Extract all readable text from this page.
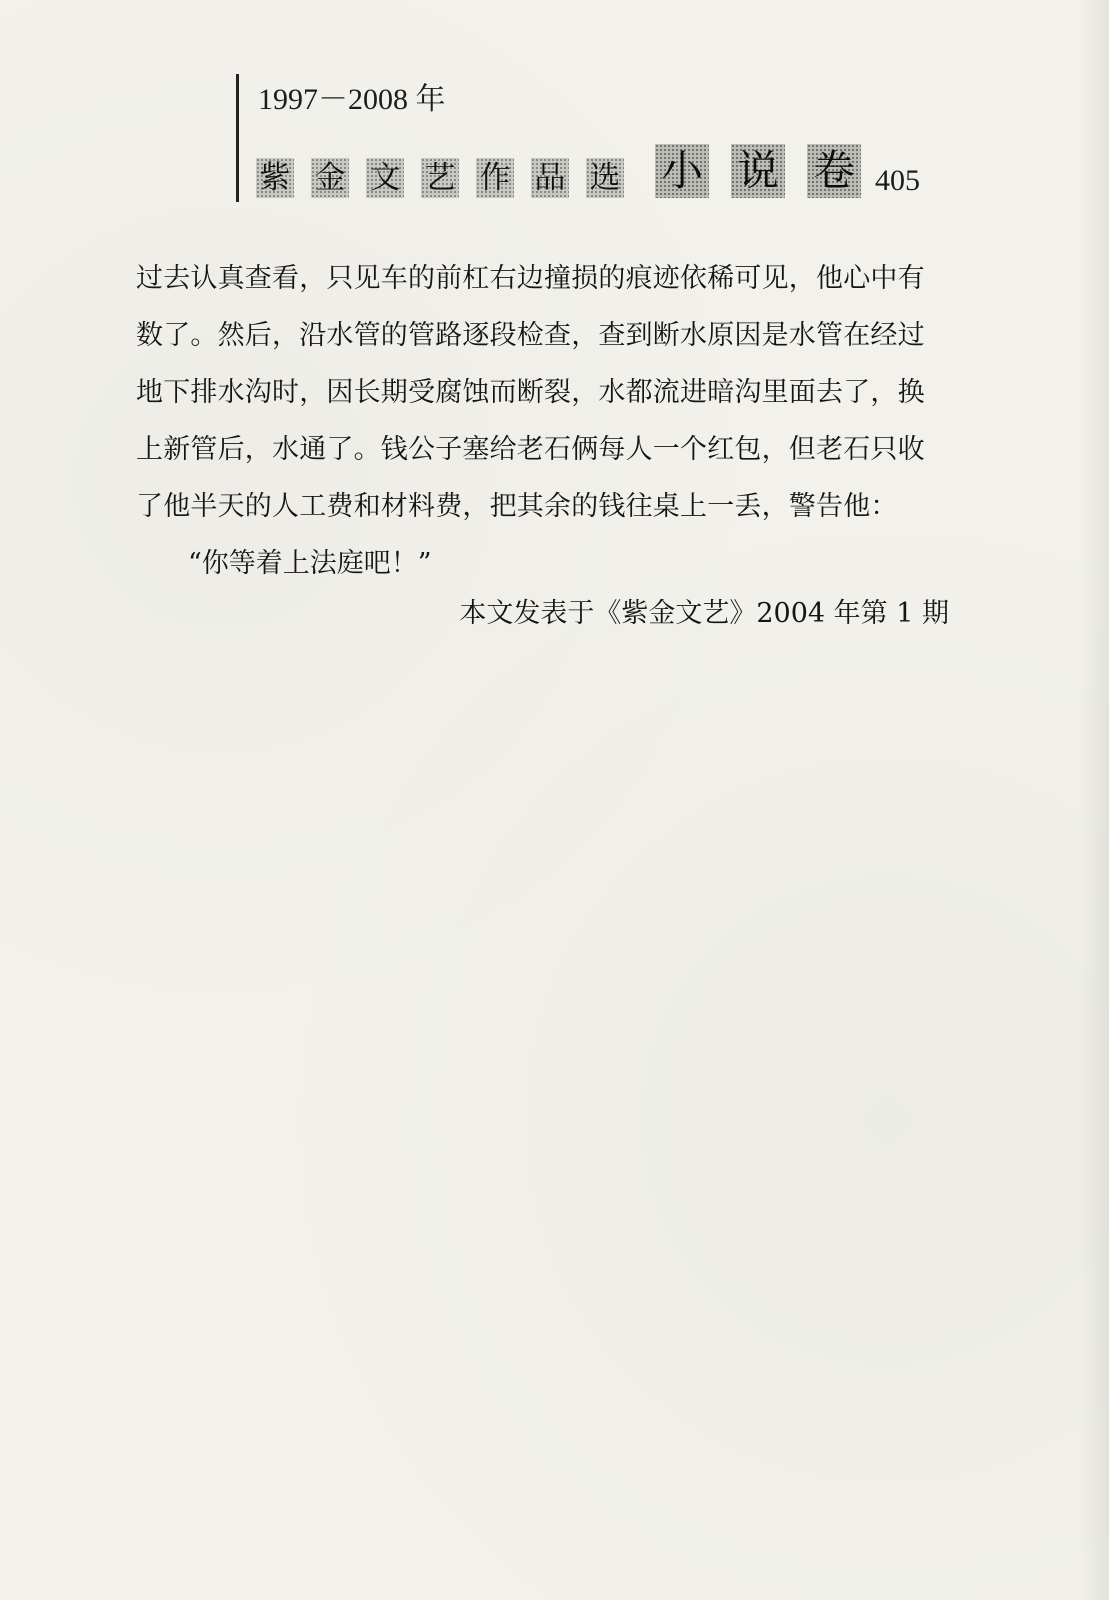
1997－2008 年
紫 金 文 艺 作 品 选 小 说 卷 405
过去认真查看，只见车的前杠右边撞损的痕迹依稀可见，他心中有
数了。然后，沿水管的管路逐段检查，查到断水原因是水管在经过
地下排水沟时，因长期受腐蚀而断裂，水都流进暗沟里面去了，换
上新管后，水通了。钱公子塞给老石俩每人一个红包，但老石只收
了他半天的人工费和材料费，把其余的钱往桌上一丢，警告他：
“你等着上法庭吧！”
本文发表于《紫金文艺》2004 年第 1 期
